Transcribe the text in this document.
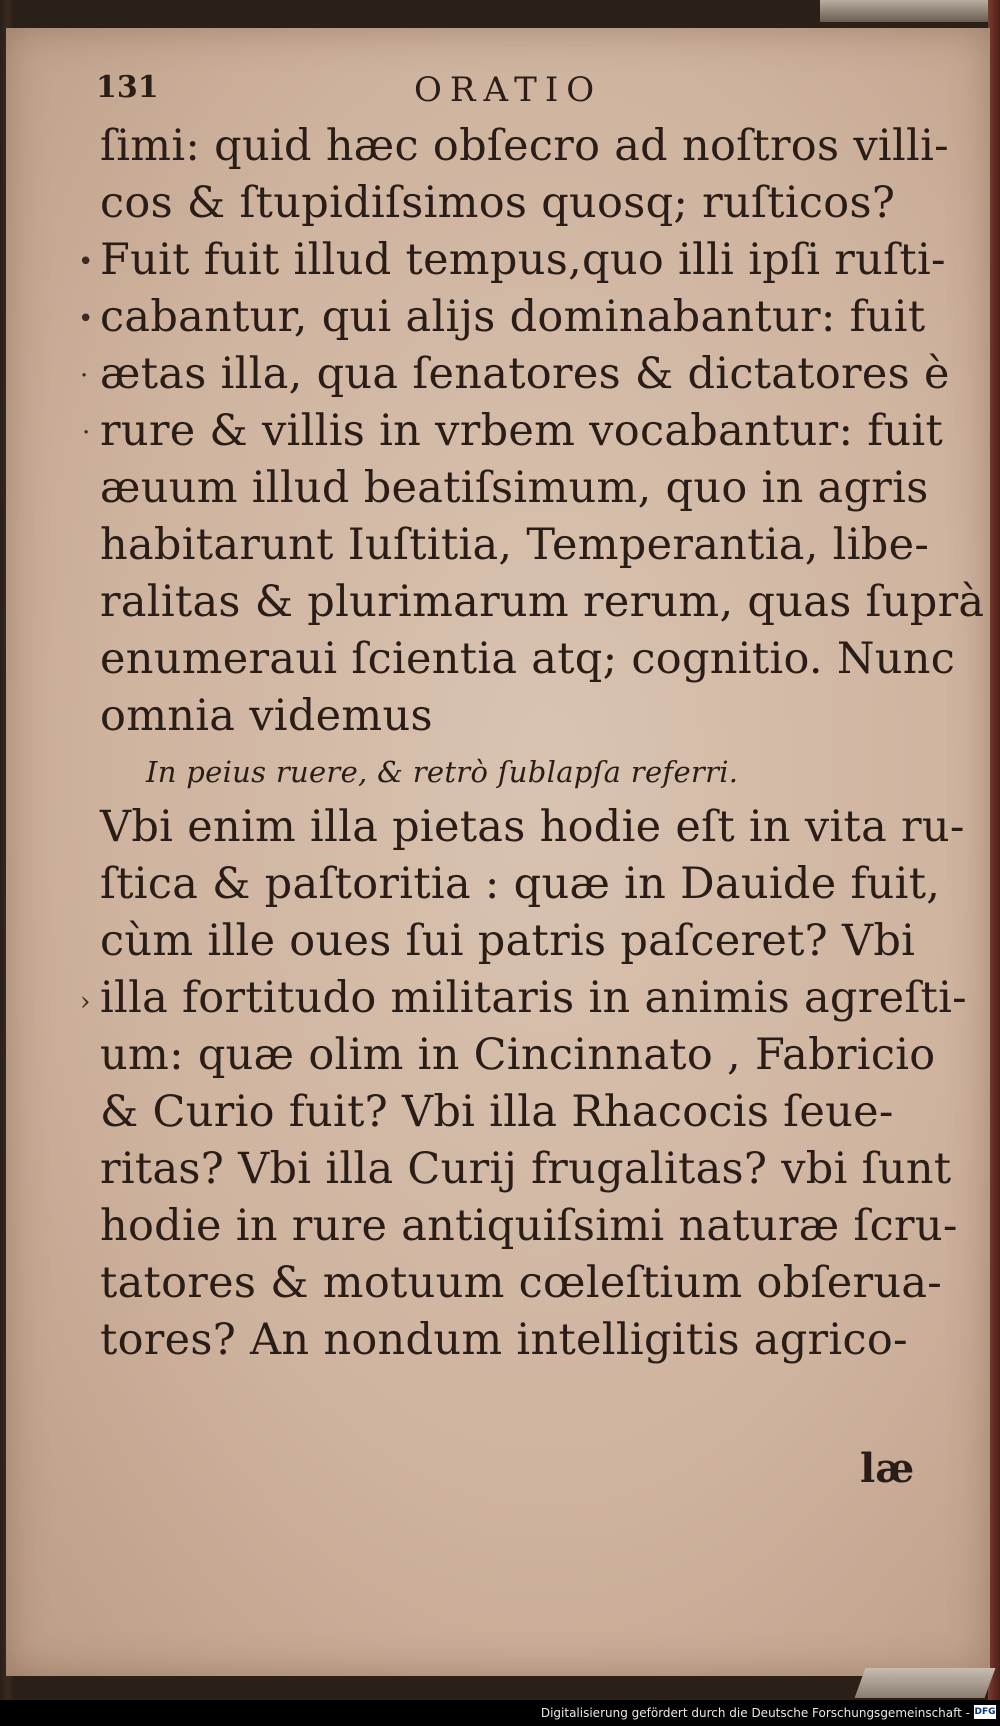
131	ORATIO
•
•
·
·
›
ſimi: quid hæc obſecro ad noſtros villi-
cos & ſtupidiſsimos quosq; ruſticos?
Fuit fuit illud tempus,quo illi ipſi ruſti-
cabantur, qui alijs dominabantur: fuit
ætas illa, qua ſenatores & dictatores è
rure & villis in vrbem vocabantur: fuit
æuum illud beatiſsimum, quo in agris
habitarunt Iuſtitia, Temperantia, libe-
ralitas & plurimarum rerum, quas ſuprà
enumeraui ſcientia atq; cognitio. Nunc
omnia videmus
In peius ruere, & retrò ſublapſa referri.
Vbi enim illa pietas hodie eſt in vita ru-
ſtica & paſtoritia : quæ in Dauide fuit,
cùm ille oues ſui patris paſceret? Vbi
illa fortitudo militaris in animis agreſti-
um: quæ olim in Cincinnato , Fabricio
& Curio fuit? Vbi illa Rhacocis ſeue-
ritas? Vbi illa Curij frugalitas? vbi ſunt
hodie in rure antiquiſsimi naturæ ſcru-
tatores & motuum cœleſtium obſerua-
tores? An nondum intelligitis agrico-
læ
Digitalisierung gefördert durch die Deutsche Forschungsgemeinschaft - DFG
